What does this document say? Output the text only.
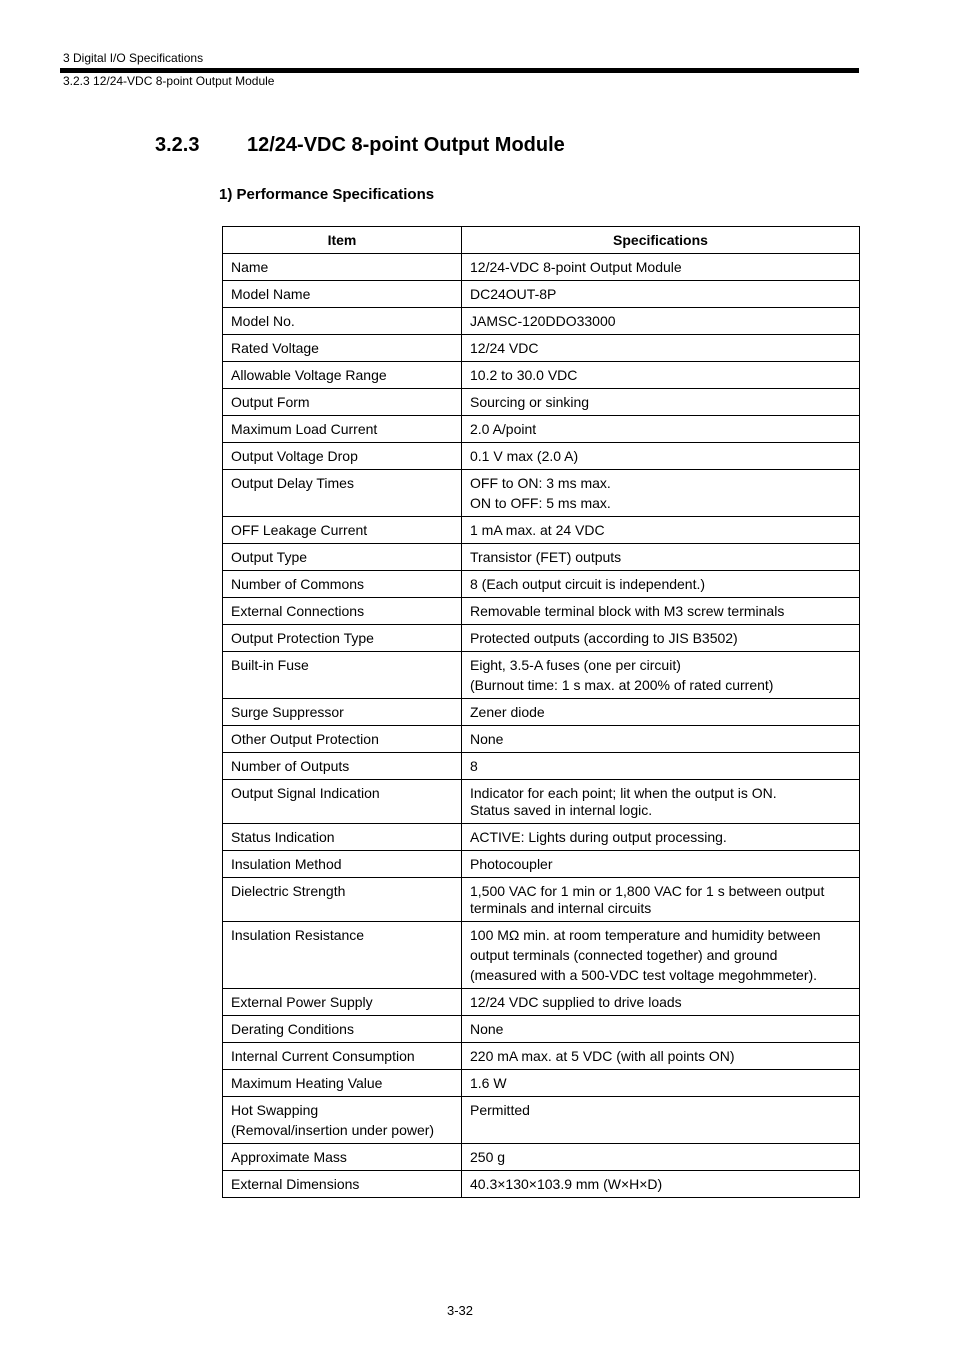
3 Digital I/O Specifications
3.2.3 12/24-VDC 8-point Output Module
3.2.3 12/24-VDC 8-point Output Module
1) Performance Specifications
Item	Specifications

Name	12/24-VDC 8-point Output Module

Model Name	DC24OUT-8P

Model No.	JAMSC-120DDO33000

Rated Voltage	12/24 VDC

Allowable Voltage Range	10.2 to 30.0 VDC

Output Form	Sourcing or sinking

Maximum Load Current	2.0 A/point

Output Voltage Drop	0.1 V max (2.0 A)

Output Delay Times	OFF to ON: 3 ms max.
ON to OFF: 5 ms max.

OFF Leakage Current	1 mA max. at 24 VDC

Output Type	Transistor (FET) outputs

Number of Commons	8 (Each output circuit is independent.)

External Connections	Removable terminal block with M3 screw terminals

Output Protection Type	Protected outputs (according to JIS B3502)

Built-in Fuse	Eight, 3.5-A fuses (one per circuit)
(Burnout time: 1 s max. at 200% of rated current)

Surge Suppressor	Zener diode

Other Output Protection	None

Number of Outputs	8

Output Signal Indication	Indicator for each point; lit when the output is ON.
Status saved in internal logic.

Status Indication	ACTIVE: Lights during output processing.

Insulation Method	Photocoupler

Dielectric Strength	1,500 VAC for 1 min or 1,800 VAC for 1 s between output
terminals and internal circuits

Insulation Resistance	100 MΩ min. at room temperature and humidity between
output terminals (connected together) and ground
(measured with a 500-VDC test voltage megohmmeter).

External Power Supply	12/24 VDC supplied to drive loads

Derating Conditions	None

Internal Current Consumption	220 mA max. at 5 VDC (with all points ON)

Maximum Heating Value	1.6 W

Hot Swapping
(Removal/insertion under power)	Permitted

Approximate Mass	250 g

External Dimensions	40.3×130×103.9 mm (W×H×D)
3-32
